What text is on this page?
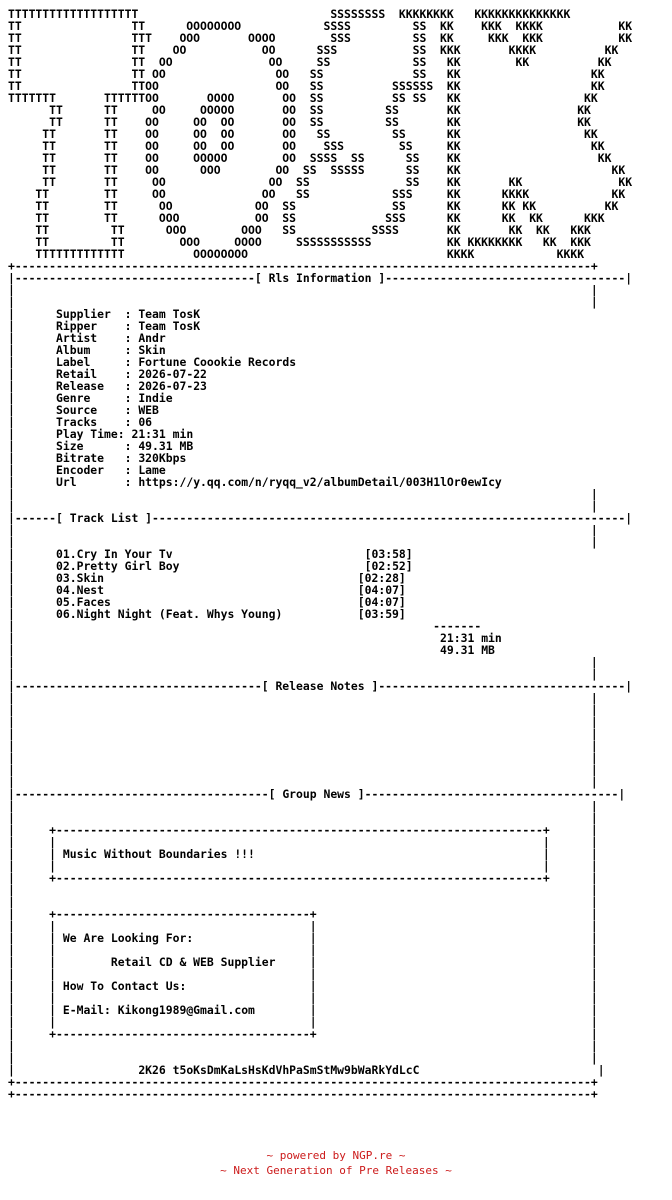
TTTTTTTTTTTTTTTTTTT                            SSSSSSSS  KKKKKKKK   KKKKKKKKKKKKKK
TT                TT      OOOOOOOO            SSSS         SS  KK    KKK  KKKK           KK
TT                TTT    OOO       OOOO        SSS         SS  KK     KKK  KKK           KK
TT                TT    OO           OO      SSS           SS  KKK       KKKK          KK
TT                TT  OO              OO     SS            SS   KK        KK          KK
TT                TT OO                OO   SS             SS   KK                   KK
TT                TTOO                 OO   SS          SSSSSS  KK                   KK
TTTTTTT       TTTTTTOO       OOOO       OO  SS          SS SS   KK                  KK
TT      TT     OO     OOOOO       OO  SS         SS       KK                 KK
TT      TT    OO     OO  OO       OO  SS         SS       KK                 KK
TT       TT    OO     OO  OO       OO   SS         SS      KK                  KK
TT       TT    OO     OO  OO       OO    SSS        SS     KK                   KK
TT       TT    OO     OOOOO        OO  SSSS  SS      SS    KK                    KK
TT       TT    OO      OOO        OO  SS  SSSSS      SS    KK                      KK
TT       TT     OO               OO  SS              SS    KK       KK              KK
TT        TT     OO              OO   SS            SSS     KK      KKKK            KK
TT        TT      OO            OO  SS              SS      KK      KK KK          KK
TT        TT      OOO           OO  SS             SSS      KK      KK  KK      KKK
TT         TT      OOO        OOO   SS           SSSS       KK       KK  KK   KKK
TT         TT        OOO     OOOO     SSSSSSSSSSS           KK KKKKKKKK   KK  KKK
TTTTTTTTTTTTT          OOOOOOOO                             KKKK            KKKK
+------------------------------------------------------------------------------------+
|-----------------------------------[ Rls Information ]-----------------------------------|
|                                                                                    |
|                                                                                    |
|	Supplier  : Team TosK
|	Ripper    : Team TosK
|	Artist    : Andr
|	Album     : Skin
|	Label     : Fortune Coookie Records
|	Retail    : 2026-07-22
|	Release   : 2026-07-23
|	Genre     : Indie
|	Source    : WEB
|	Tracks    : 06
|	Play Time: 21:31 min
|	Size      : 49.31 MB
|	Bitrate   : 320Kbps
|	Encoder   : Lame
|	Url       : https://y.qq.com/n/ryqq_v2/albumDetail/003H1lOr0ewIcy
|                                                                                    |
|                                                                                    |
|------[ Track List ]---------------------------------------------------------------------|
|                                                                                    |
|                                                                                    |
|	01.Cry In Your Tv	[03:58]
|	02.Pretty Girl Boy	[02:52]
|	03.Skin	[02:28]
|	04.Nest	[04:07]
|	05.Faces	[04:07]
|	06.Night Night (Feat. Whys Young)	[03:59]
|                                                             -------
|	21:31 min
|	49.31 MB
|                                                                                    |
|                                                                                    |
|------------------------------------[ Release Notes ]------------------------------------|
|                                                                                    |
|                                                                                    |
|                                                                                    |
|                                                                                    |
|                                                                                    |
|                                                                                    |
|                                                                                    |
|                                                                                    |
|-------------------------------------[ Group News ]-------------------------------------|
|                                                                                    |
|                                                                                    |
|     +-----------------------------------------------------------------------+      |
|     |                                                                       |      |
|     | Music Without Boundaries !!!	|      |
|     |                                                                       |      |
|     +-----------------------------------------------------------------------+      |
|                                                                                    |
|                                                                                    |
|     +-------------------------------------+                                        |
|     |                                     |                                        |
|     | We Are Looking For:	|                                        |
|     |                                     |                                        |
|     |	Retail CD & WEB Supplier	|                                        |
|     |                                     |                                        |
|     | How To Contact Us:	|                                        |
|     |                                     |                                        |
|     | E-Mail: Kikong1989@Gmail.com	|                                        |
|     |                                     |                                        |
|     +-------------------------------------+                                        |
|                                                                                    |
|                                                                                    |
|	2K26 t5oKsDmKaLsHsKdVhPaSmStMw9bWaRkYdLcC	|
+------------------------------------------------------------------------------------+
+------------------------------------------------------------------------------------+
~ powered by NGP.re ~
~ Next Generation of Pre Releases ~
